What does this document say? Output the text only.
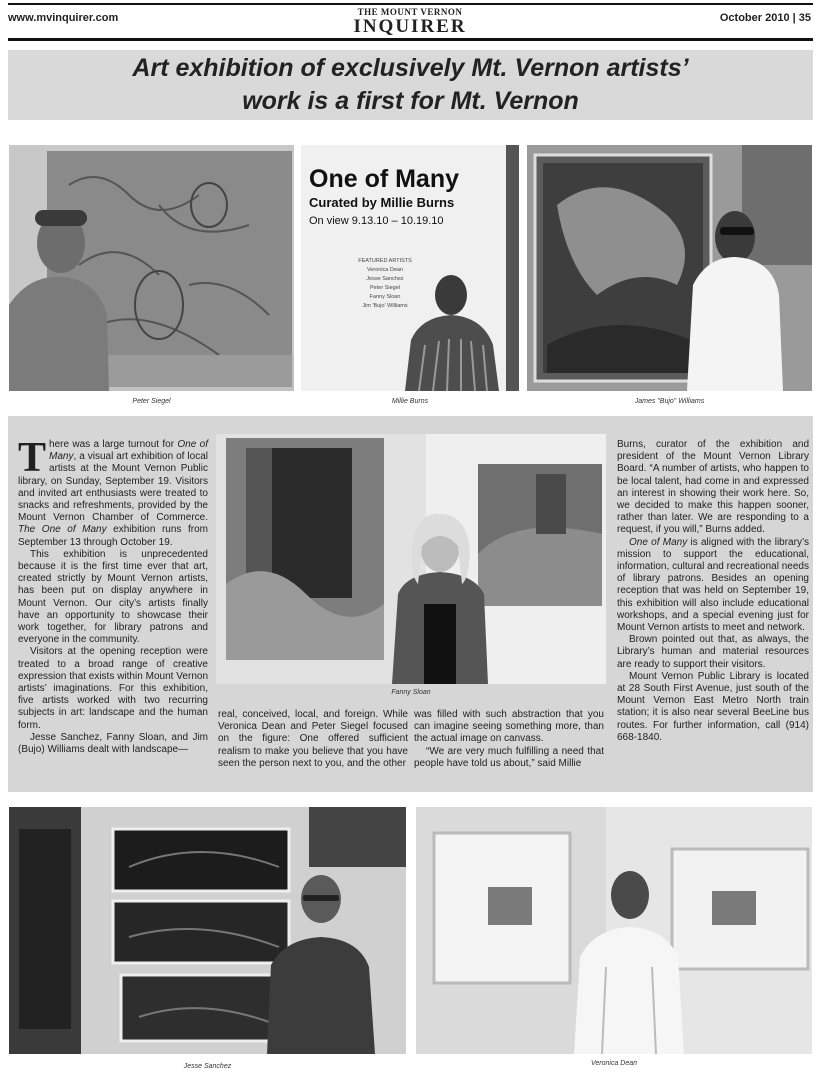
www.mvinquirer.com	THE MOUNT VERNON
INQUIRER	October 2010 | 35
Art exhibition of exclusively Mt. Vernon artists’
work is a first for Mt. Vernon
Peter Siegel
One of Many
Curated by Millie Burns
On view 9.13.10 – 10.19.10
FEATURED ARTISTS
Veronica Dean
Jesse Sanchez
Peter Siegel
Fanny Sloan
Jim 'Bujo' Williams
Millie Burns	James "Bujo" Williams

There was a large turnout for One of Many, a visual art exhibition of local artists at the Mount Vernon Public library, on Sunday, September 19. Visitors and invited art enthusiasts were treated to snacks and refreshments, provided by the Mount Vernon Chamber of Commerce. The One of Many exhibition runs from September 13 through October 19.

This exhibition is unprecedented because it is the first time ever that art, created strictly by Mount Vernon artists, has been put on display anywhere in Mount Vernon. Our city’s artists finally have an opportunity to showcase their work together, for library patrons and everyone in the community.

Visitors at the opening reception were treated to a broad range of creative expression that exists within Mount Vernon artists’ imaginations. For this exhibition, five artists worked with two recurring subjects in art: landscape and the human form.

Jesse Sanchez, Fanny Sloan, and Jim (Bujo) Williams dealt with landscape—

Fanny Sloan

real, conceived, local, and foreign. While Veronica Dean and Peter Siegel focused on the figure: One offered sufficient realism to make you believe that you have seen the person next to you, and the other

was filled with such abstraction that you can imagine seeing something more, than the actual image on canvass.

“We are very much fulfilling a need that people have told us about,” said Millie

Burns, curator of the exhibition and president of the Mount Vernon Library Board. “A number of artists, who happen to be local talent, had come in and expressed an interest in showing their work here. So, we decided to make this happen sooner, rather than later. We are responding to a request, if you will,” Burns added.

One of Many is aligned with the library’s mission to support the educational, information, cultural and recreational needs of library patrons. Besides an opening reception that was held on September 19, this exhibition will also include educational workshops, and a special evening just for Mount Vernon artists to meet and network.

Brown pointed out that, as always, the Library’s human and material resources are ready to support their visitors.

Mount Vernon Public Library is located at 28 South First Avenue, just south of the Mount Vernon East Metro North train station; it is also near several BeeLine bus routes. For further information, call (914) 668-1840.

Jesse Sanchez	Veronica Dean
